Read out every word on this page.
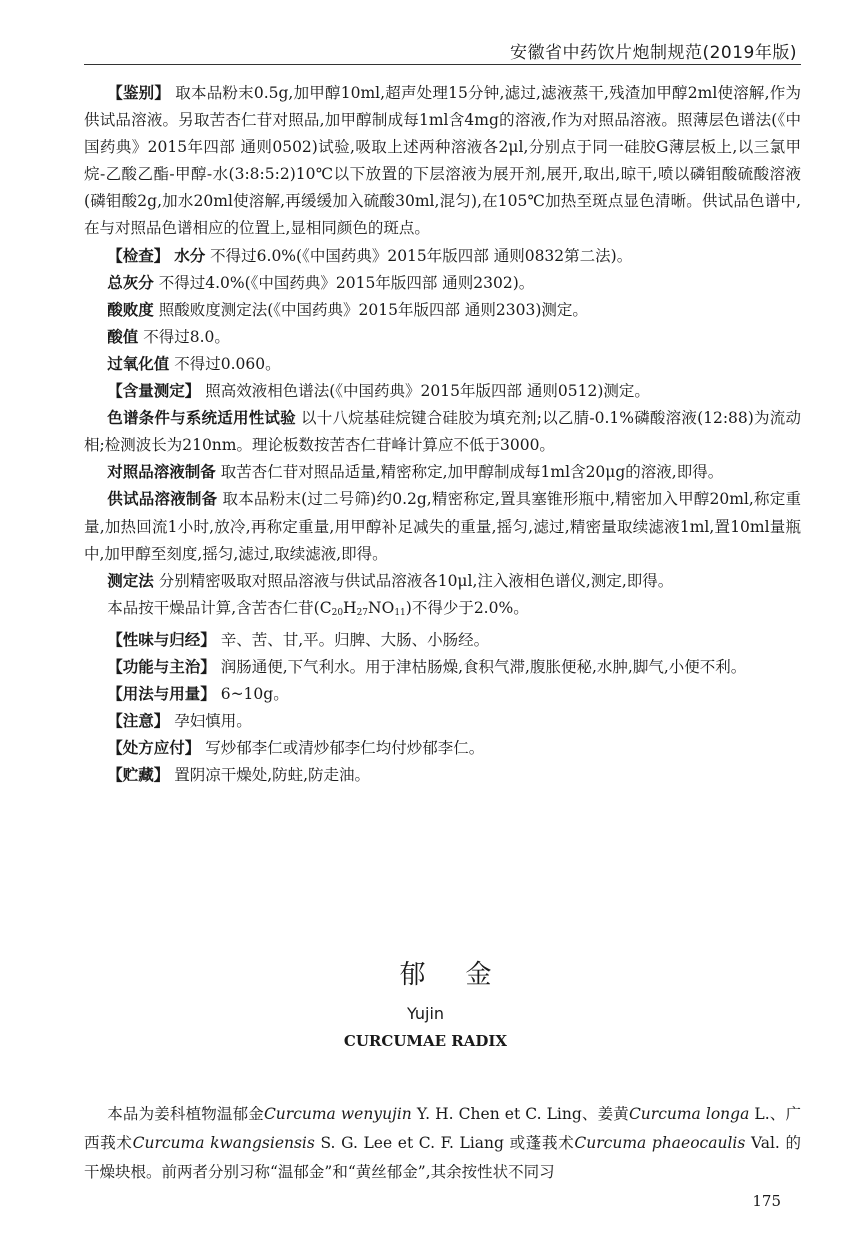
安徽省中药饮片炮制规范(2019年版)

【鉴别】 取本品粉末0.5g,加甲醇10ml,超声处理15分钟,滤过,滤液蒸干,残渣加甲醇2ml使溶解,作为供试品溶液。另取苦杏仁苷对照品,加甲醇制成每1ml含4mg的溶液,作为对照品溶液。照薄层色谱法(《中国药典》2015年四部 通则0502)试验,吸取上述两种溶液各2μl,分别点于同一硅胶G薄层板上,以三氯甲烷-乙酸乙酯-甲醇-水(3:8:5:2)10℃以下放置的下层溶液为展开剂,展开,取出,晾干,喷以磷钼酸硫酸溶液(磷钼酸2g,加水20ml使溶解,再缓缓加入硫酸30ml,混匀),在105℃加热至斑点显色清晰。供试品色谱中,在与对照品色谱相应的位置上,显相同颜色的斑点。

【检查】 水分 不得过6.0%(《中国药典》2015年版四部 通则0832第二法)。

总灰分 不得过4.0%(《中国药典》2015年版四部 通则2302)。

酸败度 照酸败度测定法(《中国药典》2015年版四部 通则2303)测定。

酸值 不得过8.0。

过氧化值 不得过0.060。

【含量测定】 照高效液相色谱法(《中国药典》2015年版四部 通则0512)测定。

色谱条件与系统适用性试验 以十八烷基硅烷键合硅胶为填充剂;以乙腈-0.1%磷酸溶液(12:88)为流动相;检测波长为210nm。理论板数按苦杏仁苷峰计算应不低于3000。

对照品溶液制备 取苦杏仁苷对照品适量,精密称定,加甲醇制成每1ml含20μg的溶液,即得。

供试品溶液制备 取本品粉末(过二号筛)约0.2g,精密称定,置具塞锥形瓶中,精密加入甲醇20ml,称定重量,加热回流1小时,放冷,再称定重量,用甲醇补足减失的重量,摇匀,滤过,精密量取续滤液1ml,置10ml量瓶中,加甲醇至刻度,摇匀,滤过,取续滤液,即得。

测定法 分别精密吸取对照品溶液与供试品溶液各10μl,注入液相色谱仪,测定,即得。

本品按干燥品计算,含苦杏仁苷$(C_{20}H_{27}NO_{11})$不得少于2.0%。

【性味与归经】 辛、苦、甘,平。归脾、大肠、小肠经。

【功能与主治】 润肠通便,下气利水。用于津枯肠燥,食积气滞,腹胀便秘,水肿,脚气,小便不利。

【用法与用量】 6~10g。

【注意】 孕妇慎用。

【处方应付】 写炒郁李仁或清炒郁李仁均付炒郁李仁。

【贮藏】 置阴凉干燥处,防蛀,防走油。

郁金
Yujin
CURCUMAE RADIX

本品为姜科植物温郁金Curcuma wenyujin Y. H. Chen et C. Ling、姜黄Curcuma longa L.、广西莪术Curcuma kwangsiensis S. G. Lee et C. F. Liang 或蓬莪术Curcuma phaeocaulis Val. 的干燥块根。前两者分别习称“温郁金”和“黄丝郁金”,其余按性状不同习

175
